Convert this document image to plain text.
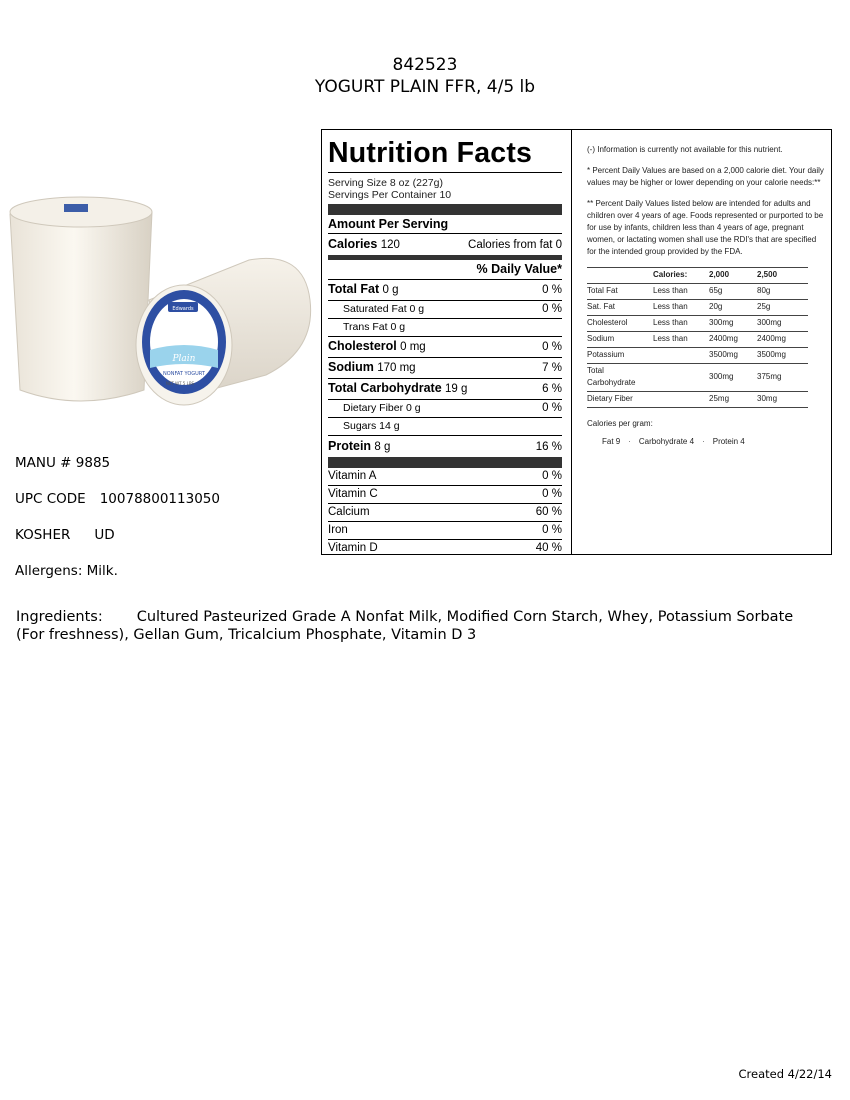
842523
YOGURT PLAIN FFR, 4/5 lb
Edwards
Plain
NONFAT YOGURT
NET WT 5 LBS
MANU # 9885
UPC CODE 10078800113050
KOSHER UD
Allergens: Milk.
Ingredients: Cultured Pasteurized Grade A Nonfat Milk, Modified Corn Starch, Whey, Potassium Sorbate (For freshness), Gellan Gum, Tricalcium Phosphate, Vitamin D 3
Nutrition Facts
Serving Size 8 oz (227g)
Servings Per Container 10
Amount Per Serving
Calories 120	Calories from fat 0
% Daily Value*
Total Fat 0 g	0 %
Saturated Fat 0 g	0 %
Trans Fat 0 g
Cholesterol 0 mg	0 %
Sodium 170 mg	7 %
Total Carbohydrate 19 g	6 %
Dietary Fiber 0 g	0 %
Sugars 14 g
Protein 8 g	16 %
Vitamin A	0 %
Vitamin C	0 %
Calcium	60 %
Iron	0 %
Vitamin D	40 %

(-) Information is currently not available for this nutrient.

* Percent Daily Values are based on a 2,000 calorie diet. Your daily values may be higher or lower depending on your calorie needs:**

** Percent Daily Values listed below are intended for adults and children over 4 years of age. Foods represented or purported to be for use by infants, children less than 4 years of age, pregnant women, or lactating women shall use the RDI's that are specified for the intended group provided by the FDA.

	Calories:	2,000	2,500
Total Fat	Less than	65g	80g
Sat. Fat	Less than	20g	25g
Cholesterol	Less than	300mg	300mg
Sodium	Less than	2400mg	2400mg
Potassium		3500mg	3500mg
Total Carbohydrate		300mg	375mg
Dietary Fiber		25mg	30mg
Calories per gram:
Fat 9 · Carbohydrate 4 · Protein 4
Created 4/22/14
